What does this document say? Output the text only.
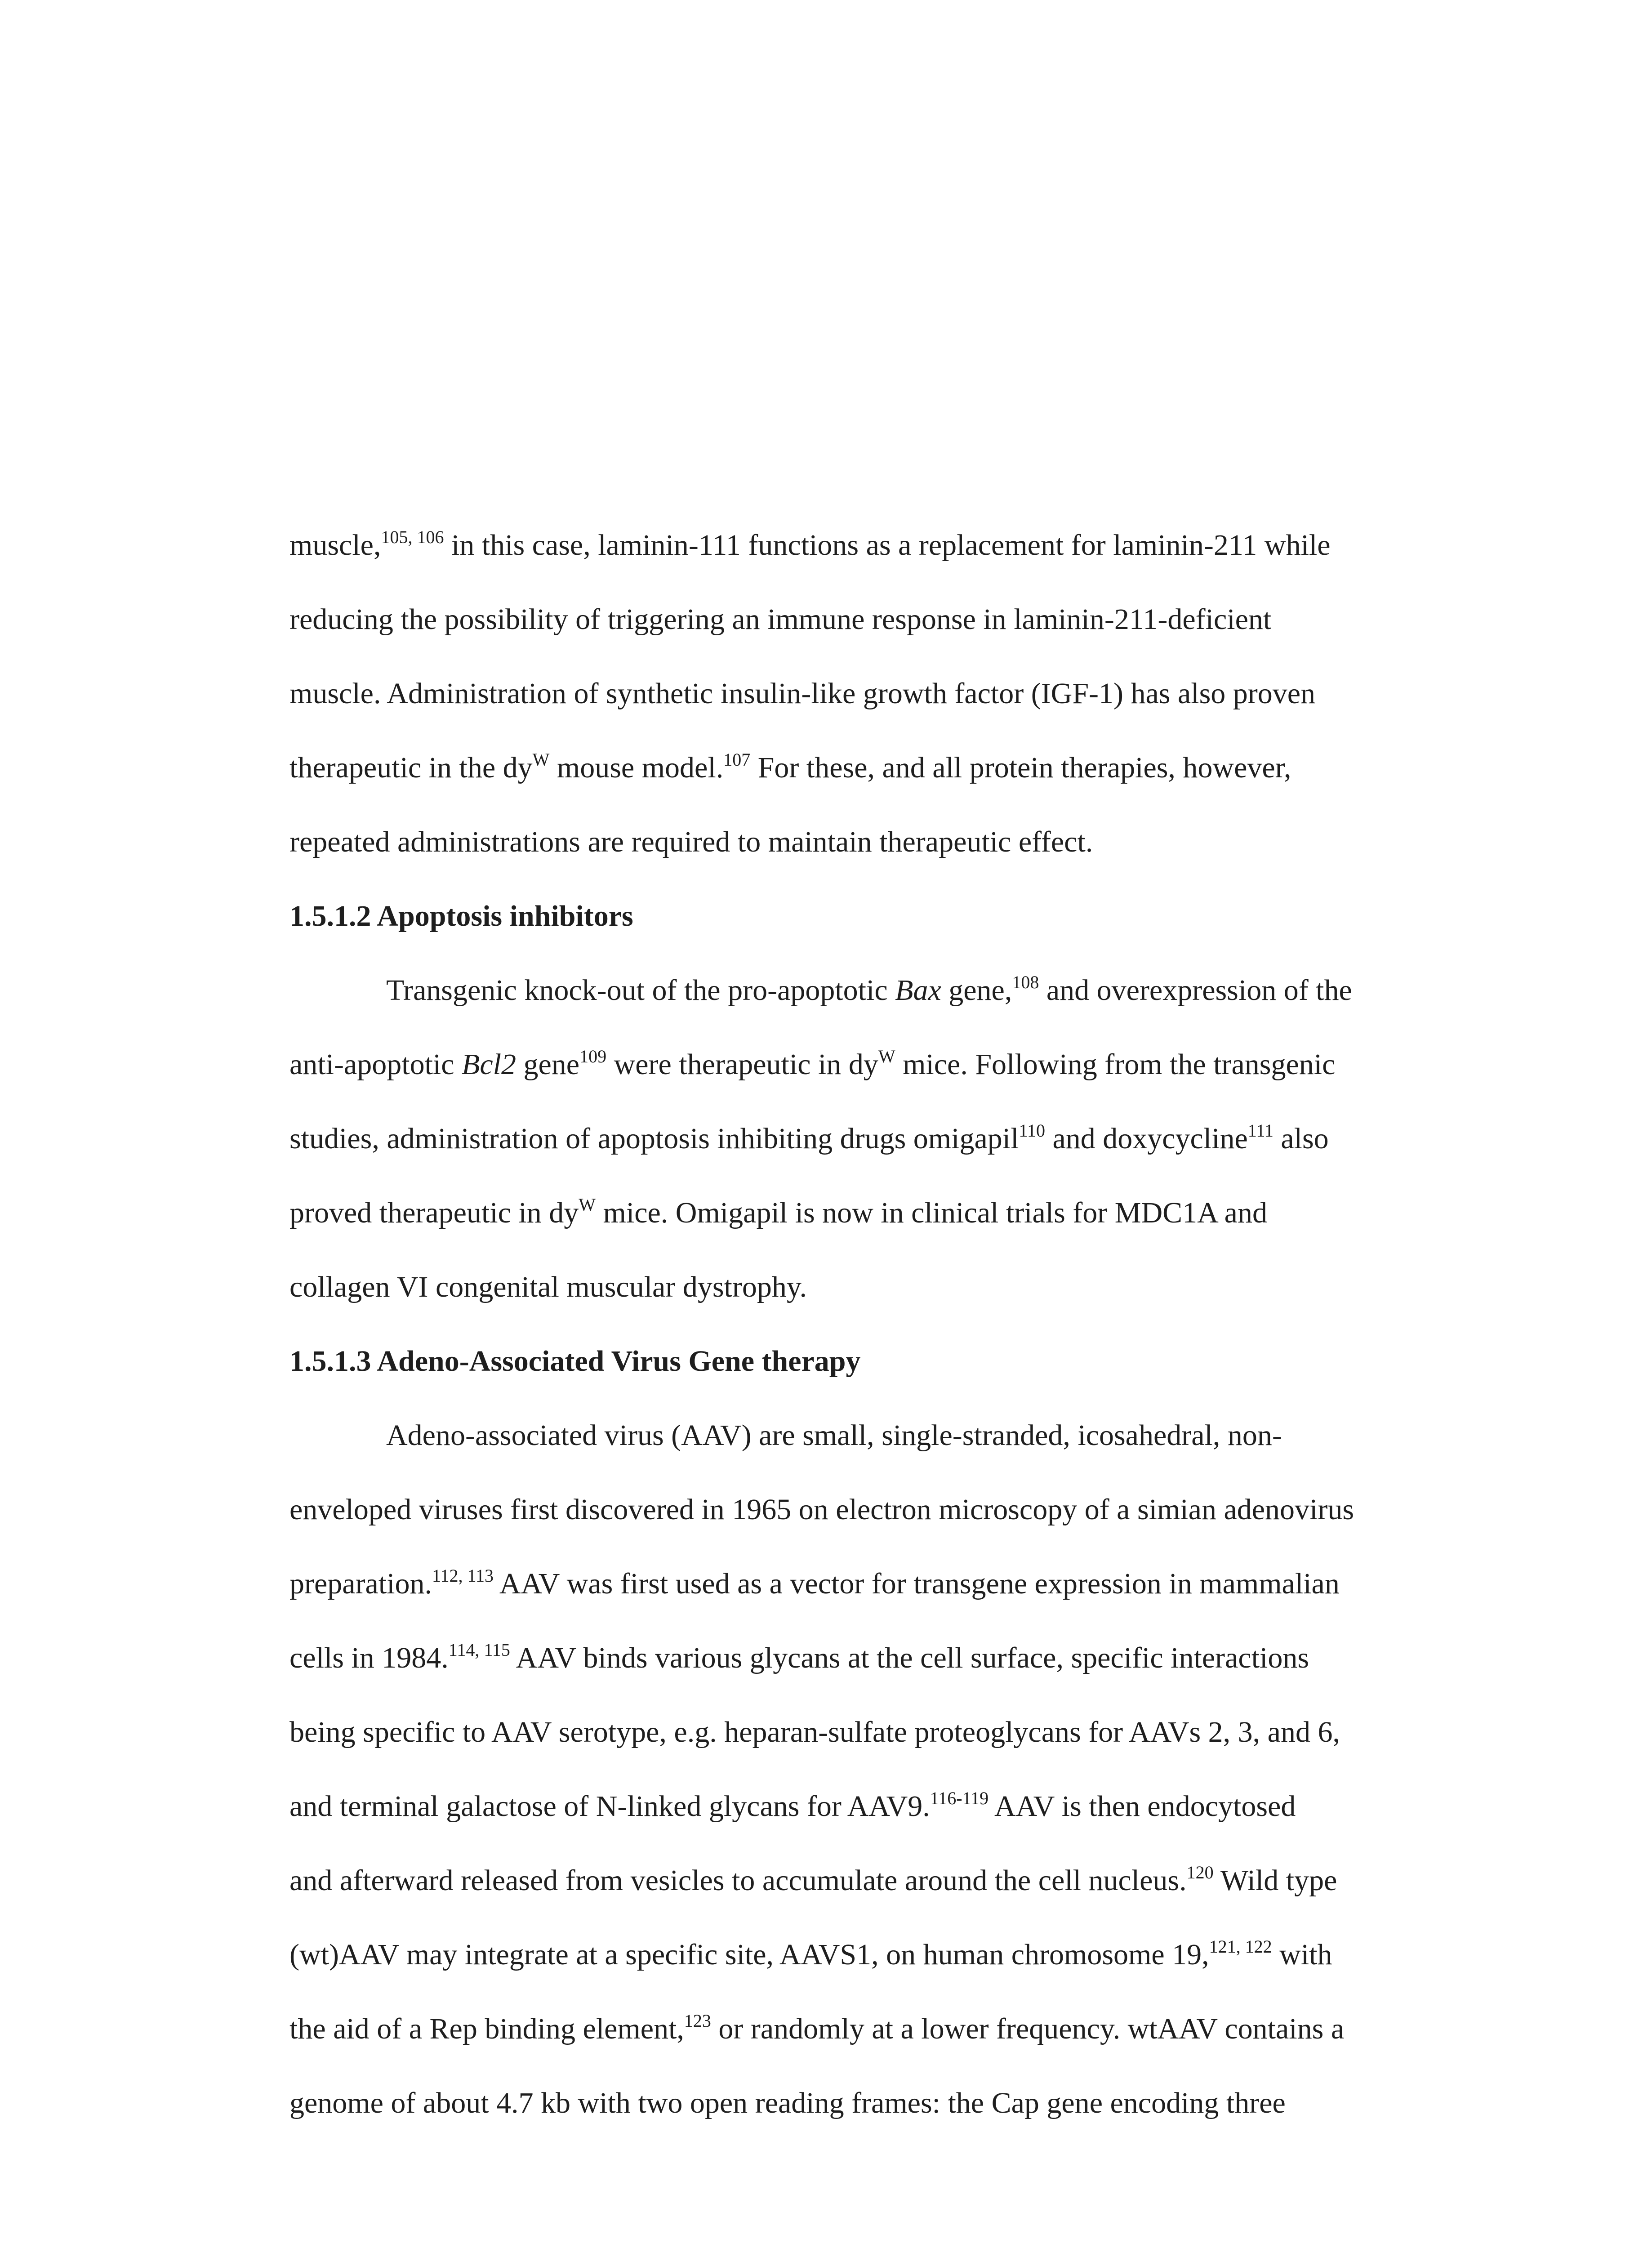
muscle,$^{105, 106}$ in this case, laminin-111 functions as a replacement for laminin-211 while
reducing the possibility of triggering an immune response in laminin-211-deficient
muscle. Administration of synthetic insulin-like growth factor (IGF-1) has also proven
therapeutic in the $dy^W$ mouse model.$^{107}$ For these, and all protein therapies, however,
repeated administrations are required to maintain therapeutic effect.
1.5.1.2 Apoptosis inhibitors
Transgenic knock-out of the pro-apoptotic Bax gene,$^{108}$ and overexpression of the
anti-apoptotic Bcl2 gene$^{109}$ were therapeutic in $dy^W$ mice. Following from the transgenic
studies, administration of apoptosis inhibiting drugs omigapil$^{110}$ and doxycycline$^{111}$ also
proved therapeutic in $dy^W$ mice. Omigapil is now in clinical trials for MDC1A and
collagen VI congenital muscular dystrophy.
1.5.1.3 Adeno-Associated Virus Gene therapy
Adeno-associated virus (AAV) are small, single-stranded, icosahedral, non-
enveloped viruses first discovered in 1965 on electron microscopy of a simian adenovirus
preparation.$^{112, 113}$ AAV was first used as a vector for transgene expression in mammalian
cells in 1984.$^{114, 115}$ AAV binds various glycans at the cell surface, specific interactions
being specific to AAV serotype, e.g. heparan-sulfate proteoglycans for AAVs 2, 3, and 6,
and terminal galactose of N-linked glycans for AAV9.$^{116-119}$ AAV is then endocytosed
and afterward released from vesicles to accumulate around the cell nucleus.$^{120}$ Wild type
(wt)AAV may integrate at a specific site, AAVS1, on human chromosome 19,$^{121, 122}$ with
the aid of a Rep binding element,$^{123}$ or randomly at a lower frequency. wtAAV contains a
genome of about 4.7 kb with two open reading frames: the Cap gene encoding three
